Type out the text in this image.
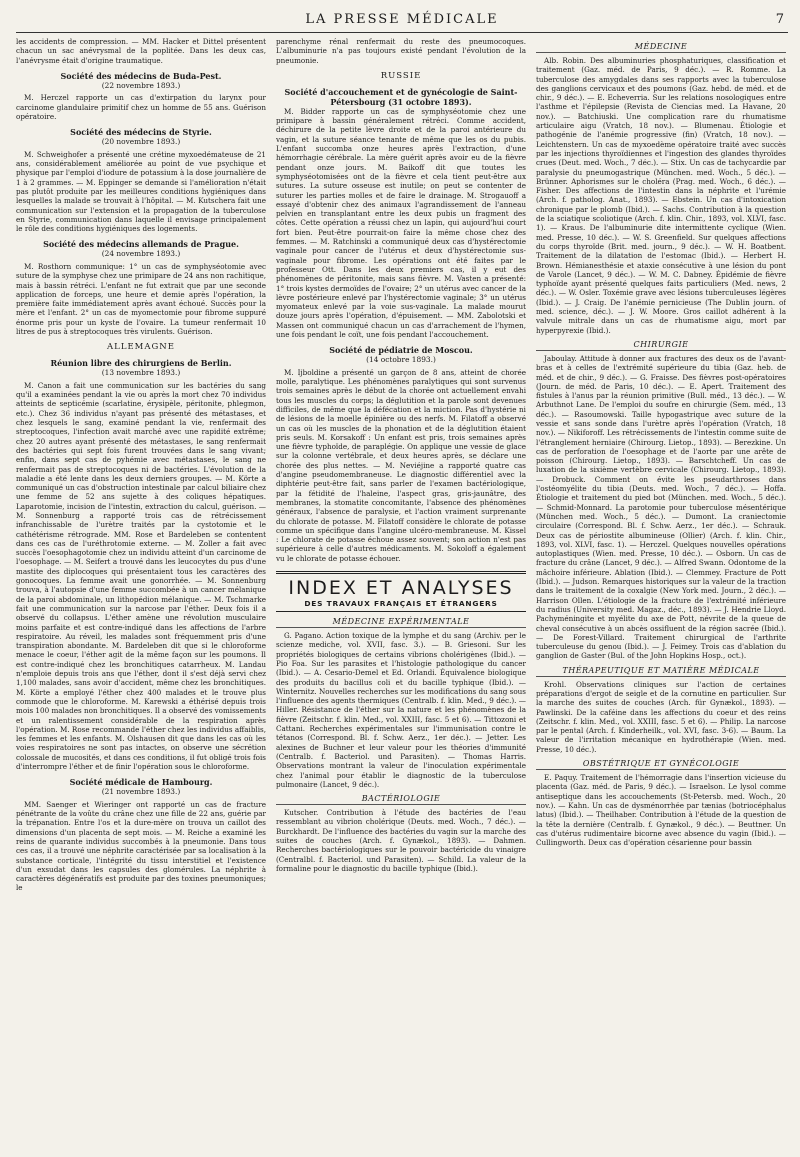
LA PRESSE MÉDICALE	7

les accidents de compression. — MM. Hacker et Dittel présentent chacun un sac anévrysmal de la poplitée. Dans les deux cas, l'anévrysme était d'origine traumatique.

Société des médecins de Buda-Pest.
(22 novembre 1893.)

M. Herczel rapporte un cas d'extirpation du larynx pour carcinome glandulaire primitif chez un homme de 55 ans. Guérison opératoire.

Société des médecins de Styrie.
(20 novembre 1893.)

M. Schweighofer a présenté une crétine myxoedémateuse de 21 ans, considérablement améliorée au point de vue psychique et physique par l'emploi d'iodure de potassium à la dose journalière de 1 à 2 grammes. — M. Eppinger se demande si l'amélioration n'était pas plutôt produite par les meilleures conditions hygiéniques dans lesquelles la malade se trouvait à l'hôpital. — M. Kutschera fait une communication sur l'extension et la propagation de la tuberculose en Styrie, communication dans laquelle il envisage principalement le rôle des conditions hygiéniques des logements.

Société des médecins allemands de Prague.
(24 novembre 1893.)

M. Rosthorn communique: 1° un cas de symphyséotomie avec suture de la symphyse chez une primipare de 24 ans non rachitique, mais à bassin rétréci. L'enfant ne fut extrait que par une seconde application de forceps, une heure et demie après l'opération, la première faite immédiatement après avant échoué. Succès pour la mère et l'enfant. 2° un cas de myomectomie pour fibrome suppuré énorme pris pour un kyste de l'ovaire. La tumeur renfermait 10 litres de pus à streptocoques très virulents. Guérison.

ALLEMAGNE
Réunion libre des chirurgiens de Berlin.
(13 novembre 1893.)

M. Canon a fait une communication sur les bactéries du sang qu'il a examinées pendant la vie ou après la mort chez 70 individus atteints de septicémie (scarlatine, érysipèle, péritonite, phlegmon, etc.). Chez 36 individus n'ayant pas présenté des métastases, et chez lesquels le sang, examiné pendant la vie, renfermait des streptocoques, l'infection avait marché avec une rapidité extrême; chez 20 autres ayant présenté des métastases, le sang renfermait des bactéries qui sept fois furent trouvées dans le sang vivant; enfin, dans sept cas de pyhémie avec métastases, le sang ne renfermait pas de streptocoques ni de bactéries. L'évolution de la maladie a été lente dans les deux derniers groupes. — M. Körte a communiqué un cas d'obstruction intestinale par calcul biliaire chez une femme de 52 ans sujette à des coliques hépatiques. Laparotomie, incision de l'intestin, extraction du calcul, guérison. — M. Sonnenburg a rapporté trois cas de rétrécissement infranchissable de l'urètre traités par la cystotomie et le cathétérisme rétrograde. MM. Rose et Bardeleben se contentent dans ces cas de l'uréthrotomie externe. — M. Zoller a fait avec succès l'oesophagotomie chez un individu atteint d'un carcinome de l'oesophage. — M. Seifert a trouvé dans les leucocytes du pus d'une mastite des diplocoques qui présentaient tous les caractères des gonocoques. La femme avait une gonorrhée. — M. Sonnenburg trouva, à l'autopsie d'une femme succombée à un cancer mélanique de la paroi abdominale, un lithopédion mélanique. — M. Tschmarke fait une communication sur la narcose par l'éther. Deux fois il a observé du collapsus. L'éther amène une révolution musculaire moins parfaite et est contre-indiqué dans les affections de l'arbre respiratoire. Au réveil, les malades sont fréquemment pris d'une transpiration abondante. M. Bardeleben dit que si le chloroforme menace le coeur, l'éther agit de la même façon sur les poumons. Il est contre-indiqué chez les bronchitiques catarrheux. M. Landau n'emploie depuis trois ans que l'éther, dont il s'est déjà servi chez 1,100 malades, sans avoir d'accident, même chez les bronchitiques. M. Körte a employé l'éther chez 400 malades et le trouve plus commode que le chloroforme. M. Karewski a éthérisé depuis trois mois 100 malades non bronchitiques. Il a observé des vomissements et un ralentissement considérable de la respiration après l'opération. M. Rose recommande l'éther chez les individus affaiblis, les femmes et les enfants. M. Olshausen dit que dans les cas où les voies respiratoires ne sont pas intactes, on observe une sécrétion colossale de mucosités, et dans ces conditions, il fut obligé trois fois d'interrompre l'éther et de finir l'opération sous le chloroforme.

Société médicale de Hambourg.
(21 novembre 1893.)

MM. Saenger et Wieringer ont rapporté un cas de fracture pénétrante de la voûte du crâne chez une fille de 22 ans, guérie par la trépanation. Entre l'os et la dure-mère on trouva un caillot des dimensions d'un placenta de sept mois. — M. Reiche a examiné les reins de quarante individus succombés à la pneumonie. Dans tous ces cas, il a trouvé une néphrite caractérisée par sa localisation à la substance corticale, l'intégrité du tissu interstitiel et l'existence d'un exsudat dans les capsules des glomérules. La néphrite à caractères dégénératifs est produite par des toxines pneumoniques; le

parenchyme rénal renfermait du reste des pneumocoques. L'albuminurie n'a pas toujours existé pendant l'évolution de la pneumonie.

RUSSIE
Société d'accouchement et de gynécologie de Saint-Pétersbourg (31 octobre 1893).

M. Bidder rapporte un cas de symphyséotomie chez une primipare à bassin généralement rétréci. Comme accident, déchirure de la petite lèvre droite et de la paroi antérieure du vagin, et la suture séance tenante de même que les os du pubis. L'enfant succomba onze heures après l'extraction, d'une hémorrhagie cérébrale. La mère guérit après avoir eu de la fièvre pendant onze jours. M. Baikoff dit que toutes les symphyséotomisées ont de la fièvre et cela tient peut-être aux sutures. La suture osseuse est inutile; on peut se contenter de suturer les parties molles et de faire le drainage. M. Strogauoff a essayé d'obtenir chez des animaux l'agrandissement de l'anneau pelvien en transplantant entre les deux pubis un fragment des côtes. Cette opération a réussi chez un lapin, qui aujourd'hui court fort bien. Peut-être pourrait-on faire la même chose chez des femmes. — M. Ratchinski a communiqué deux cas d'hystérectomie vaginale pour cancer de l'utérus et deux d'hystérectomie sus-vaginale pour fibrome. Les opérations ont été faites par le professeur Ott. Dans les deux premiers cas, il y eut des phénomènes de péritonite, mais sans fièvre. M. Vasten a présenté: 1° trois kystes dermoïdes de l'ovaire; 2° un utérus avec cancer de la lèvre postérieure enlevé par l'hystérectomie vaginale; 3° un utérus myomateux enlevé par la voie sus-vaginale. La malade mourut douze jours après l'opération, d'épuisement. — MM. Zabolotski et Massen ont communiqué chacun un cas d'arrachement de l'hymen, une fois pendant le coït, une fois pendant l'accouchement.

Société de pédiatrie de Moscou.
(14 octobre 1893.)

M. Ijboldine a présenté un garçon de 8 ans, atteint de chorée molle, paralytique. Les phénomènes paralytiques qui sont survenus trois semaines après le début de la chorée ont actuellement envahi tous les muscles du corps; la déglutition et la parole sont devenues difficiles, de même que la défécation et la miction. Pas d'hystérie ni de lésions de la moelle épinière ou des nerfs. M. Filatoff a observé un cas où les muscles de la phonation et de la déglutition étaient pris seuls. M. Korsakoff : Un enfant est pris, trois semaines après une fièvre typhoïde, de paraplégie. On applique une vessie de glace sur la colonne vertébrale, et deux heures après, se déclare une chorée des plus nettes. — M. Neviéjine a rapporté quatre cas d'angine pseudomembraneuse. Le diagnostic différentiel avec la diphtérie peut-être fait, sans parler de l'examen bactériologique, par la fétidité de l'haleine, l'aspect gras, gris-jaunâtre, des membranes, la stomatite concomitante, l'absence des phénomènes généraux, l'absence de paralysie, et l'action vraiment surprenante du chlorate de potasse. M. Filatoff considère le chlorate de potasse comme un spécifique dans l'angine ulcéro-membraneuse. M. Kissel : Le chlorate de potasse échoue assez souvent; son action n'est pas supérieure à celle d'autres médicaments. M. Sokoloff a également vu le chlorate de potasse échouer.

INDEX ET ANALYSES
DES TRAVAUX FRANÇAIS ET ÉTRANGERS
MÉDECINE EXPÉRIMENTALE

G. Pagano. Action toxique de la lymphe et du sang (Archiv. per le scienze mediche, vol. XVII, fasc. 3.). — B. Griesoni. Sur les propriétés biologiques de certains vibrions cholérigènes (Ibid.). — Pio Foa. Sur les parasites et l'histologie pathologique du cancer (Ibid.). — A. Cesario-Demel et Ed. Orlandi. Équivalence biologique des produits du bacillus coli et du bacille typhique (Ibid.). — Winternitz. Nouvelles recherches sur les modifications du sang sous l'influence des agents thermiques (Centralb. f. klin. Med., 9 déc.). — Hiller. Résistance de l'éther sur la nature et les phénomènes de la fièvre (Zeitschr. f. klin. Med., vol. XXIII, fasc. 5 et 6). — Tittozoni et Cattani. Recherches expérimentales sur l'immunisation contre le tétanos (Correspond. Bl. f. Schw. Aerz., 1er déc.). — Jetter. Les alexines de Buchner et leur valeur pour les théories d'immunité (Centralb. f. Bacteriol. und Parasiten). — Thomas Harris. Observations montrant la valeur de l'inoculation expérimentale chez l'animal pour établir le diagnostic de la tuberculose pulmonaire (Lancet, 9 déc.).

BACTÉRIOLOGIE

Kutscher. Contribution à l'étude des bactéries de l'eau ressemblant au vibrion cholérique (Deuts. med. Woch., 7 déc.). — Burckhardt. De l'influence des bactéries du vagin sur la marche des suites de couches (Arch. f. Gynækol., 1893). — Dahmen. Recherches bactériologiques sur le pouvoir bactéricide du vinaigre (Centralbl. f. Bacteriol. und Parasiten). — Schild. La valeur de la formaline pour le diagnostic du bacille typhique (Ibid.).

MÉDECINE

Alb. Robin. Des albuminuries phosphaturiques, classification et traitement (Gaz. méd. de Paris, 9 déc.). — R. Romme. La tuberculose des amygdales dans ses rapports avec la tuberculose des ganglions cervicaux et des poumons (Gaz. hebd. de méd. et de chir., 9 déc.). — E. Echeverria. Sur les relations nosologiques entre l'asthme et l'épilepsie (Revista de Ciencias med. La Havane, 20 nov.). — Batchiuski. Une complication rare du rhumatisme articulaire aigu (Vratch, 18 nov.). — Blumenau. Étiologie et pathogénie de l'anémie progressive (fin) (Vratch, 18 nov.). — Leichtenstern. Un cas de myxoedème opératoire traité avec succès par les injections thyroïdiennes et l'ingestion des glandes thyroïdes crues (Deut. med. Woch., 7 déc.). — Stix. Un cas de tachycardie par paralysie du pneumogastrique (München. med. Woch., 5 déc.). — Brünner. Aphorismes sur le choléra (Prag. med. Woch., 6 déc.). — Fisher. Des affections de l'intestin dans la néphrite et l'urémie (Arch. f. patholog. Anat., 1893). — Ebstein. Un cas d'intoxication chronique par le plomb (Ibid.). — Sachs. Contribution à la question de la sciatique scoliotique (Arch. f. klin. Chir., 1893, vol. XLVI, fasc. 1). — Kraus. De l'albuminurie dite intermittente cyclique (Wien. med. Presse, 10 déc.). — W. S. Greenfield. Sur quelques affections du corps thyroïde (Brit. med. journ., 9 déc.). — W. H. Boatbent. Traitement de la dilatation de l'estomac (Ibid.). — Herbert H. Brown. Hémianesthésie et ataxie consécutive à une lésion du pont de Varole (Lancet, 9 déc.). — W. M. C. Dabney. Épidémie de fièvre typhoïde ayant présenté quelques faits particuliers (Med. news, 2 déc.). — W. Osler. Toxémie grave avec lésions tuberculeuses légères (Ibid.). — J. Craig. De l'anémie pernicieuse (The Dublin journ. of med. science, déc.). — J. W. Moore. Gros caillot adhérent à la valvule mitrale dans un cas de rhumatisme aigu, mort par hyperpyrexie (Ibid.).

CHIRURGIE

Jaboulay. Attitude à donner aux fractures des deux os de l'avant-bras et à celles de l'extrémité supérieure du tibia (Gaz. heb. de méd. et de chir., 9 déc.). — G. Fraisse. Des fièvres post-opératoires (Journ. de méd. de Paris, 10 déc.). — E. Apert. Traitement des fistules à l'anus par la réunion primitive (Bull. méd., 13 déc.). — W. Arbuthnot Lane. De l'emploi du soufre en chirurgie (Sem. méd., 13 déc.). — Rasoumowski. Taille hypogastrique avec suture de la vessie et sans sonde dans l'urètre après l'opération (Vratch, 18 nov.). — Nikiforoff. Les rétrécissements de l'intestin comme suite de l'étranglement herniaire (Chirourg. Lietop., 1893). — Berezkine. Un cas de perforation de l'oesophage et de l'aorte par une arête de poisson (Chirourg. Lietop., 1893). — Barschtcheff. Un cas de luxation de la sixième vertèbre cervicale (Chirourg. Lietop., 1893). — Drobuck. Comment on évite les pseudarthroses dans l'ostéomyélite du tibia (Deuts. med. Woch., 7 déc.). — Hoffa. Étiologie et traitement du pied bot (München. med. Woch., 5 déc.). — Schmid-Monnard. La parotomie pour tuberculose mésentérique (München med. Woch., 5 déc.). — Dumont. La craniectomie circulaire (Correspond. Bl. f. Schw. Aerz., 1er déc.). — Schrauk. Deux cas de périostite albumineuse (Ollier) (Arch. f. klin. Chir., 1893, vol. XLVI, fasc. 1). — Herczel. Quelques nouvelles opérations autoplastiques (Wien. med. Presse, 10 déc.). — Osborn. Un cas de fracture du crâne (Lancet, 9 déc.). — Alfred Swann. Odontome de la mâchoire inférieure. Ablation (Ibid.). — Clemmey. Fracture de Pott (Ibid.). — Judson. Remarques historiques sur la valeur de la traction dans le traitement de la coxalgie (New York med. Journ., 2 déc.). — Harrison Ollen. L'étiologie de la fracture de l'extrémité inférieure du radius (University med. Magaz., déc., 1893). — J. Hendrie Lloyd. Pachyméningite et myélite du axe de Pott, névrite de la queue de cheval consécutive à un abcès ossifluent de la région sacrée (Ibid.). — De Forest-Villard. Traitement chirurgical de l'arthrite tuberculeuse du genou (Ibid.). — J. Feimey. Trois cas d'ablation du ganglion de Gaster (Bul. of the John Hopkins Hosp., oct.).

THÉRAPEUTIQUE ET MATIÈRE MÉDICALE

Krohl. Observations cliniques sur l'action de certaines préparations d'ergot de seigle et de la cornutine en particulier. Sur la marche des suites de couches (Arch. für Gynækol., 1893). — Pawlinski. De la caféine dans les affections du coeur et des reins (Zeitschr. f. klin. Med., vol. XXIII, fasc. 5 et 6). — Philip. La narcose par le pental (Arch. f. Kinderheilk., vol. XVI, fasc. 3-6). — Baum. La valeur de l'irritation mécanique en hydrothérapie (Wien. med. Presse, 10 déc.).

OBSTÉTRIQUE ET GYNÉCOLOGIE

E. Paquy. Traitement de l'hémorragie dans l'insertion vicieuse du placenta (Gaz. méd. de Paris, 9 déc.). — Israelson. Le lysol comme antiseptique dans les accouchements (St-Petersb. med. Woch., 20 nov.). — Kahn. Un cas de dysménorrhée par tænias (botriocéphalus latus) (Ibid.). — Theilhaber. Contribution à l'étude de la question de la tête la dernière (Centralb. f. Gynækol., 9 déc.). — Beuttner. Un cas d'utérus rudimentaire bicorne avec absence du vagin (Ibid.). — Cullingworth. Deux cas d'opération césarienne pour bassin
